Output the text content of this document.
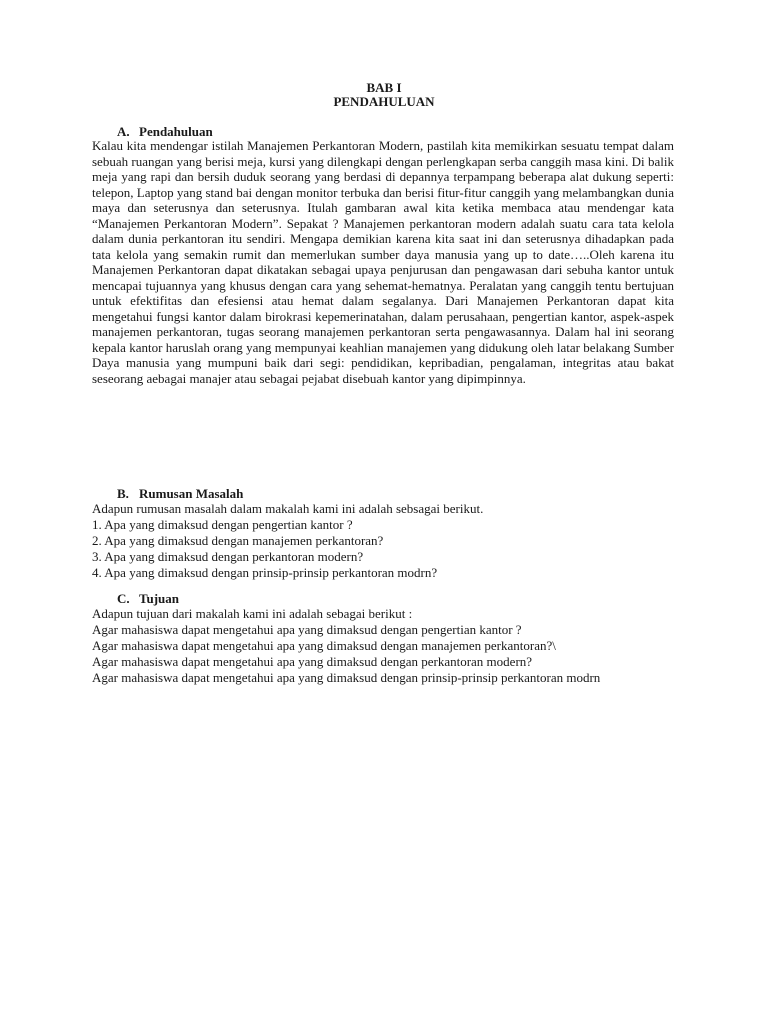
BAB I
PENDAHULUAN
A. Pendahuluan
Kalau kita mendengar istilah Manajemen Perkantoran Modern, pastilah kita memikirkan sesuatu tempat dalam sebuah ruangan yang berisi meja, kursi yang dilengkapi dengan perlengkapan serba canggih masa kini. Di balik meja yang rapi dan bersih duduk seorang yang berdasi di depannya terpampang beberapa alat dukung seperti: telepon, Laptop yang stand bai dengan monitor terbuka dan berisi fitur-fitur canggih yang melambangkan dunia maya dan seterusnya dan seterusnya. Itulah gambaran awal kita ketika membaca atau mendengar kata “Manajemen Perkantoran Modern”. Sepakat ? Manajemen perkantoran modern adalah suatu cara tata kelola dalam dunia perkantoran itu sendiri. Mengapa demikian karena kita saat ini dan seterusnya dihadapkan pada tata kelola yang semakin rumit dan memerlukan sumber daya manusia yang up to date…..Oleh karena itu Manajemen Perkantoran dapat dikatakan sebagai upaya penjurusan dan pengawasan dari sebuha kantor untuk mencapai tujuannya yang khusus dengan cara yang sehemat-hematnya. Peralatan yang canggih tentu bertujuan untuk efektifitas dan efesiensi atau hemat dalam segalanya. Dari Manajemen Perkantoran dapat kita mengetahui fungsi kantor dalam birokrasi kepemerinatahan, dalam perusahaan, pengertian kantor, aspek-aspek manajemen perkantoran, tugas seorang manajemen perkantoran serta pengawasannya. Dalam hal ini seorang kepala kantor haruslah orang yang mempunyai keahlian manajemen yang didukung oleh latar belakang Sumber Daya manusia yang mumpuni baik dari segi: pendidikan, kepribadian, pengalaman, integritas atau bakat seseorang aebagai manajer atau sebagai pejabat disebuah kantor yang dipimpinnya.
B. Rumusan Masalah
Adapun rumusan masalah dalam makalah kami ini adalah sebsagai berikut.
1. Apa yang dimaksud dengan pengertian kantor ?
2. Apa yang dimaksud dengan manajemen perkantoran?
3. Apa yang dimaksud dengan perkantoran modern?
4. Apa yang dimaksud dengan prinsip-prinsip perkantoran modrn?
C. Tujuan
Adapun tujuan dari makalah kami ini adalah sebagai berikut :
Agar mahasiswa dapat mengetahui apa yang dimaksud dengan pengertian kantor ?
Agar mahasiswa dapat mengetahui apa yang dimaksud dengan manajemen perkantoran?\
Agar mahasiswa dapat mengetahui apa yang dimaksud dengan perkantoran modern?
Agar mahasiswa dapat mengetahui apa yang dimaksud dengan prinsip-prinsip perkantoran modrn
